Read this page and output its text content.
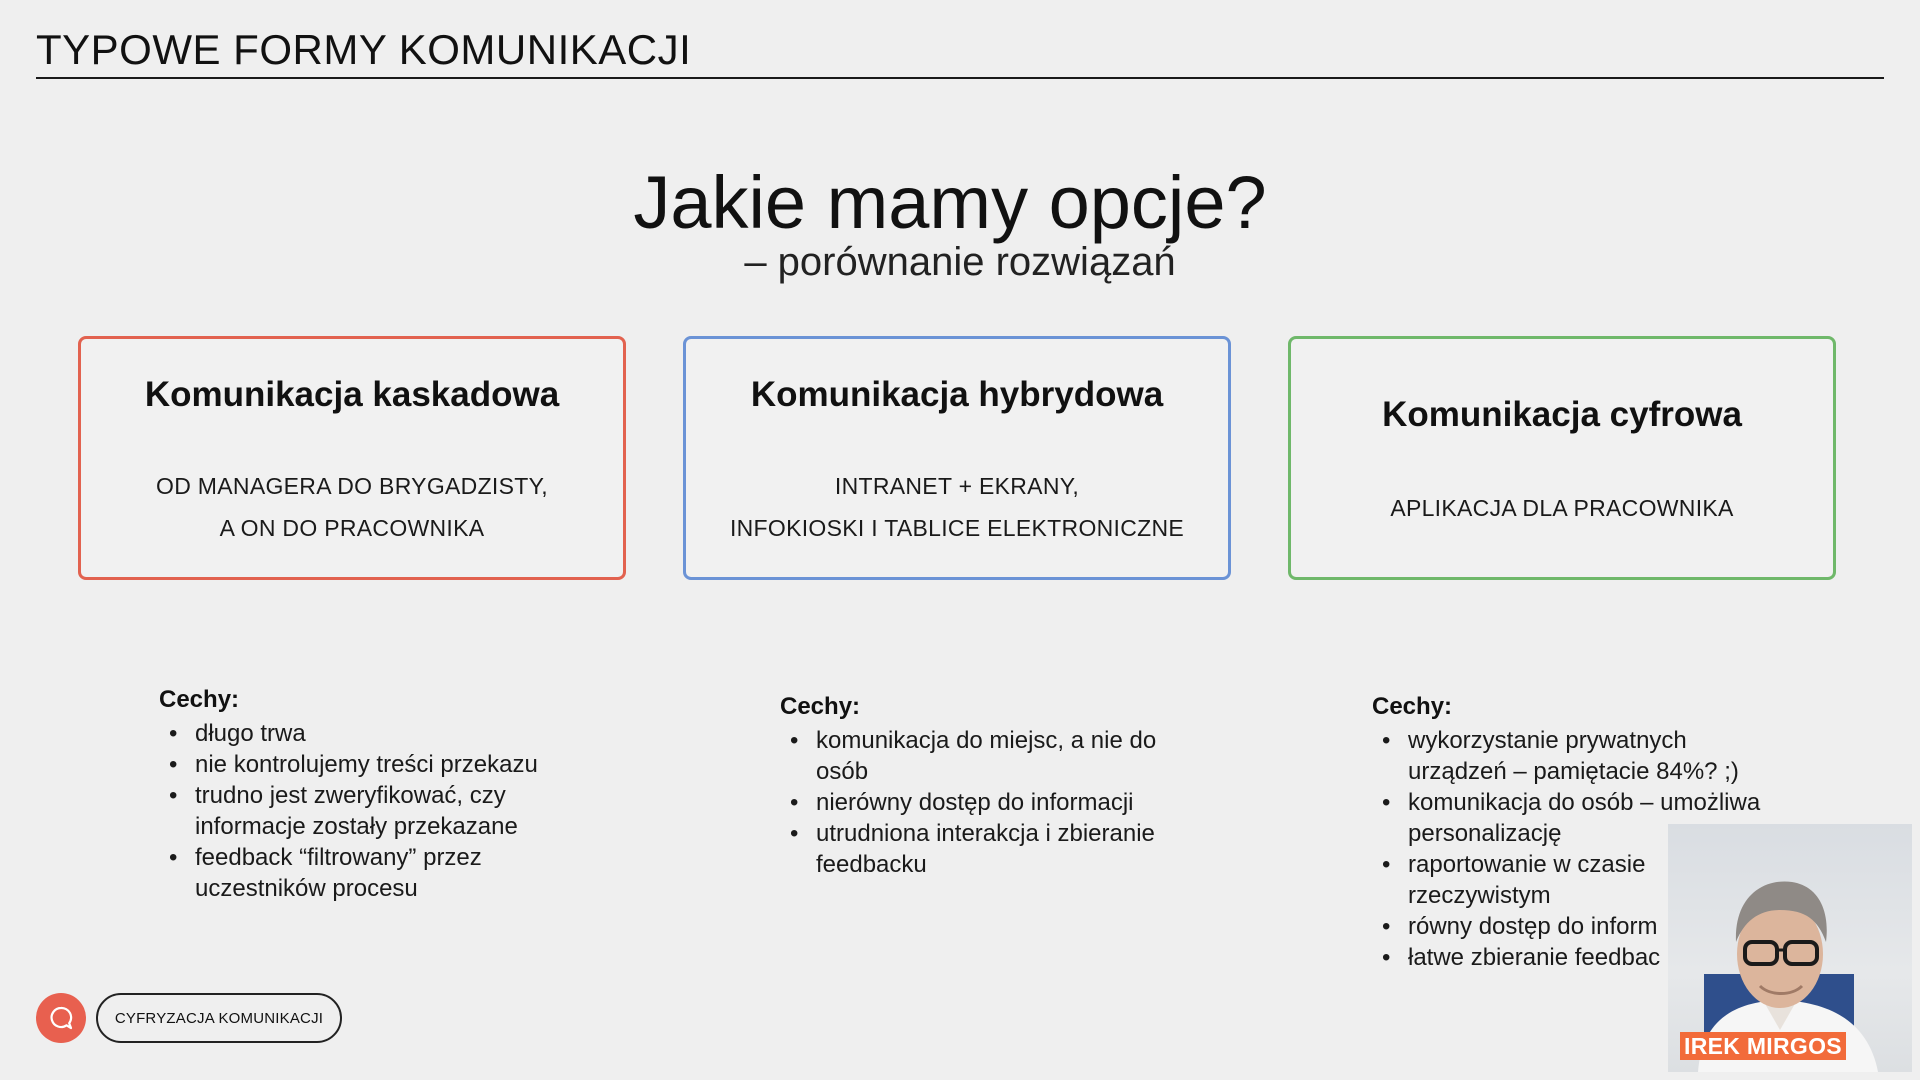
TYPOWE FORMY KOMUNIKACJI
Jakie mamy opcje?
– porównanie rozwiązań
Komunikacja kaskadowa
OD MANAGERA DO BRYGADZISTY,
A ON DO PRACOWNIKA
Komunikacja hybrydowa
INTRANET + EKRANY,
INFOKIOSKI I TABLICE ELEKTRONICZNE
Komunikacja cyfrowa
APLIKACJA DLA PRACOWNIKA
Cechy:
• długo trwa
• nie kontrolujemy treści przekazu
• trudno jest zweryfikować, czy
informacje zostały przekazane
• feedback “filtrowany” przez
uczestników procesu
Cechy:
• komunikacja do miejsc, a nie do
osób
• nierówny dostęp do informacji
• utrudniona interakcja i zbieranie
feedbacku
Cechy:
• wykorzystanie prywatnych
urządzeń – pamiętacie 84%? ;)
• komunikacja do osób – umożliwa
personalizację
• raportowanie w czasie
rzeczywistym
• równy dostęp do inform
• łatwe zbieranie feedbac
CYFRYZACJA KOMUNIKACJI
IREK MIRGOS
